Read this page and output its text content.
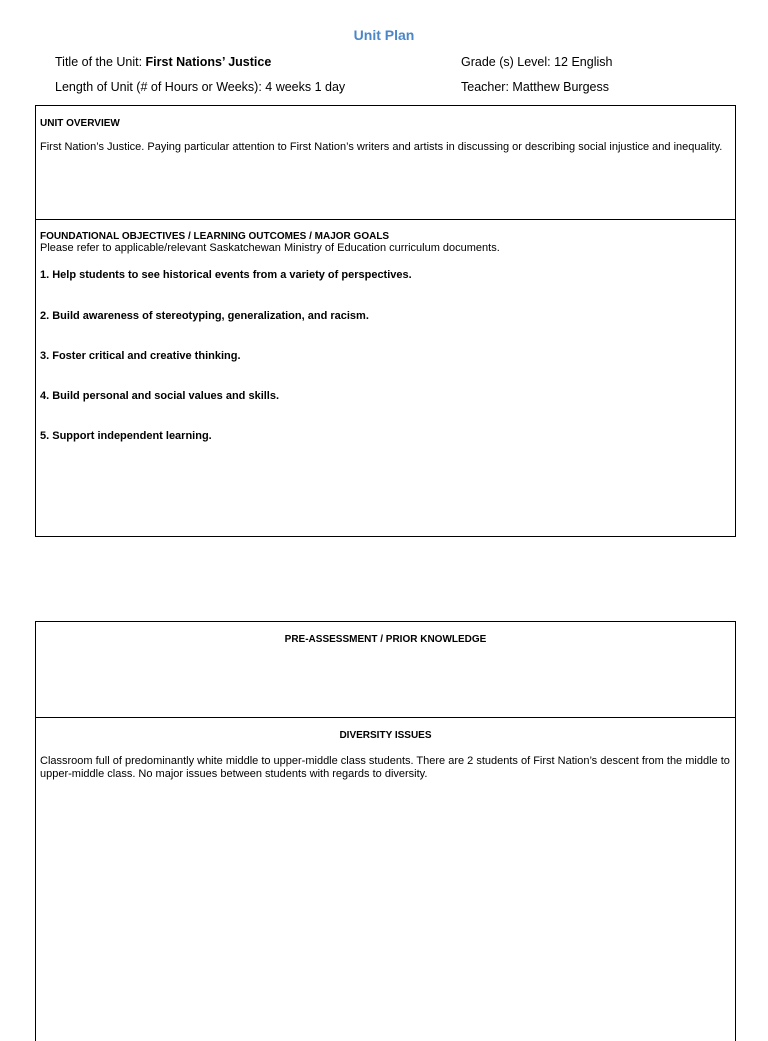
Unit Plan
Title of the Unit: First Nations’ Justice	Grade (s) Level: 12 English
Length of Unit (# of Hours or Weeks): 4 weeks 1 day	Teacher: Matthew Burgess
UNIT OVERVIEW
First Nation’s Justice. Paying particular attention to First Nation’s writers and artists in discussing or describing social injustice and inequality.
FOUNDATIONAL OBJECTIVES / LEARNING OUTCOMES / MAJOR GOALS
Please refer to applicable/relevant Saskatchewan Ministry of Education curriculum documents.
1. Help students to see historical events from a variety of perspectives.
2. Build awareness of stereotyping, generalization, and racism.
3. Foster critical and creative thinking.
4. Build personal and social values and skills.
5. Support independent learning.
PRE-ASSESSMENT / PRIOR KNOWLEDGE
DIVERSITY ISSUES
Classroom full of predominantly white middle to upper-middle class students. There are 2 students of First Nation’s descent from the middle to upper-middle class. No major issues between students with regards to diversity.
